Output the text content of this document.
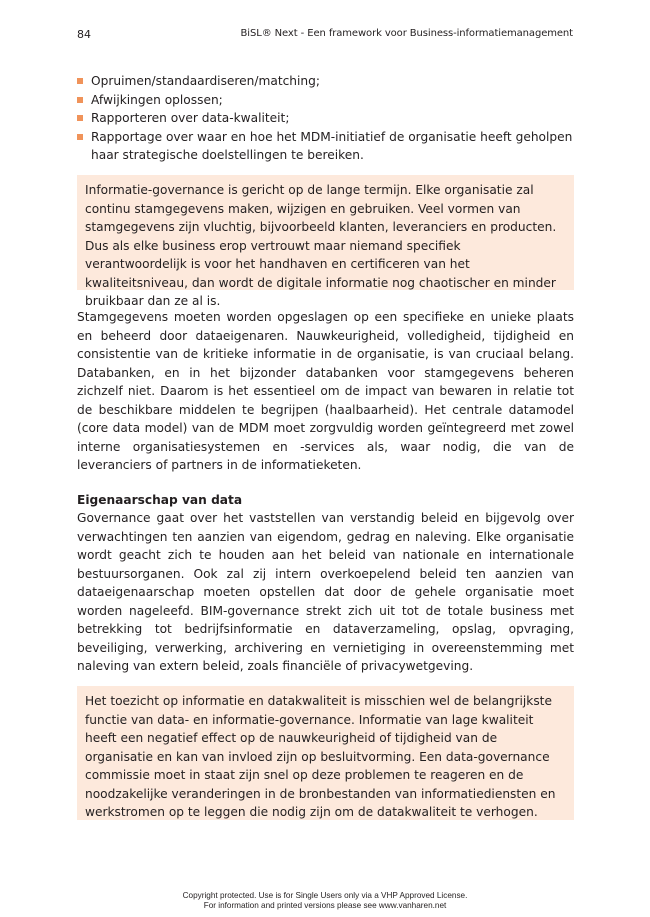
84	BiSL® Next - Een framework voor Business-informatiemanagement
Opruimen/standaardiseren/matching;
Afwijkingen oplossen;
Rapporteren over data-kwaliteit;
Rapportage over waar en hoe het MDM-initiatief de organisatie heeft geholpen haar strategische doelstellingen te bereiken.
Informatie-governance is gericht op de lange termijn. Elke organisatie zal continu stamgegevens maken, wijzigen en gebruiken. Veel vormen van stamgegevens zijn vluchtig, bijvoorbeeld klanten, leveranciers en producten. Dus als elke business erop vertrouwt maar niemand specifiek verantwoordelijk is voor het handhaven en certificeren van het kwaliteitsniveau, dan wordt de digitale informatie nog chaotischer en minder bruikbaar dan ze al is.

Stamgegevens moeten worden opgeslagen op een specifieke en unieke plaats en beheerd door dataeigenaren. Nauwkeurigheid, volledigheid, tijdigheid en consistentie van de kritieke informatie in de organisatie, is van cruciaal belang. Databanken, en in het bijzonder databanken voor stamgegevens beheren zichzelf niet. Daarom is het essentieel om de impact van bewaren in relatie tot de beschikbare middelen te begrijpen (haalbaarheid). Het centrale datamodel (core data model) van de MDM moet zorgvuldig worden geïntegreerd met zowel interne organisatiesystemen en -services als, waar nodig, die van de leveranciers of partners in de informatieketen.

Eigenaarschap van data

Governance gaat over het vaststellen van verstandig beleid en bijgevolg over verwachtingen ten aanzien van eigendom, gedrag en naleving. Elke organisatie wordt geacht zich te houden aan het beleid van nationale en internationale bestuursorganen. Ook zal zij intern overkoepelend beleid ten aanzien van dataeigenaarschap moeten opstellen dat door de gehele organisatie moet worden nageleefd. BIM-governance strekt zich uit tot de totale business met betrekking tot bedrijfsinformatie en dataverzameling, opslag, opvraging, beveiliging, verwerking, archivering en vernietiging in overeenstemming met naleving van extern beleid, zoals financiële of privacywetgeving.

Het toezicht op informatie en datakwaliteit is misschien wel de belangrijkste functie van data- en informatie-governance. Informatie van lage kwaliteit heeft een negatief effect op de nauwkeurigheid of tijdigheid van de organisatie en kan van invloed zijn op besluitvorming. Een data-governance commissie moet in staat zijn snel op deze problemen te reageren en de noodzakelijke veranderingen in de bronbestanden van informatiediensten en werkstromen op te leggen die nodig zijn om de datakwaliteit te verhogen.
Copyright protected. Use is for Single Users only via a VHP Approved License.
For information and printed versions please see www.vanharen.net
